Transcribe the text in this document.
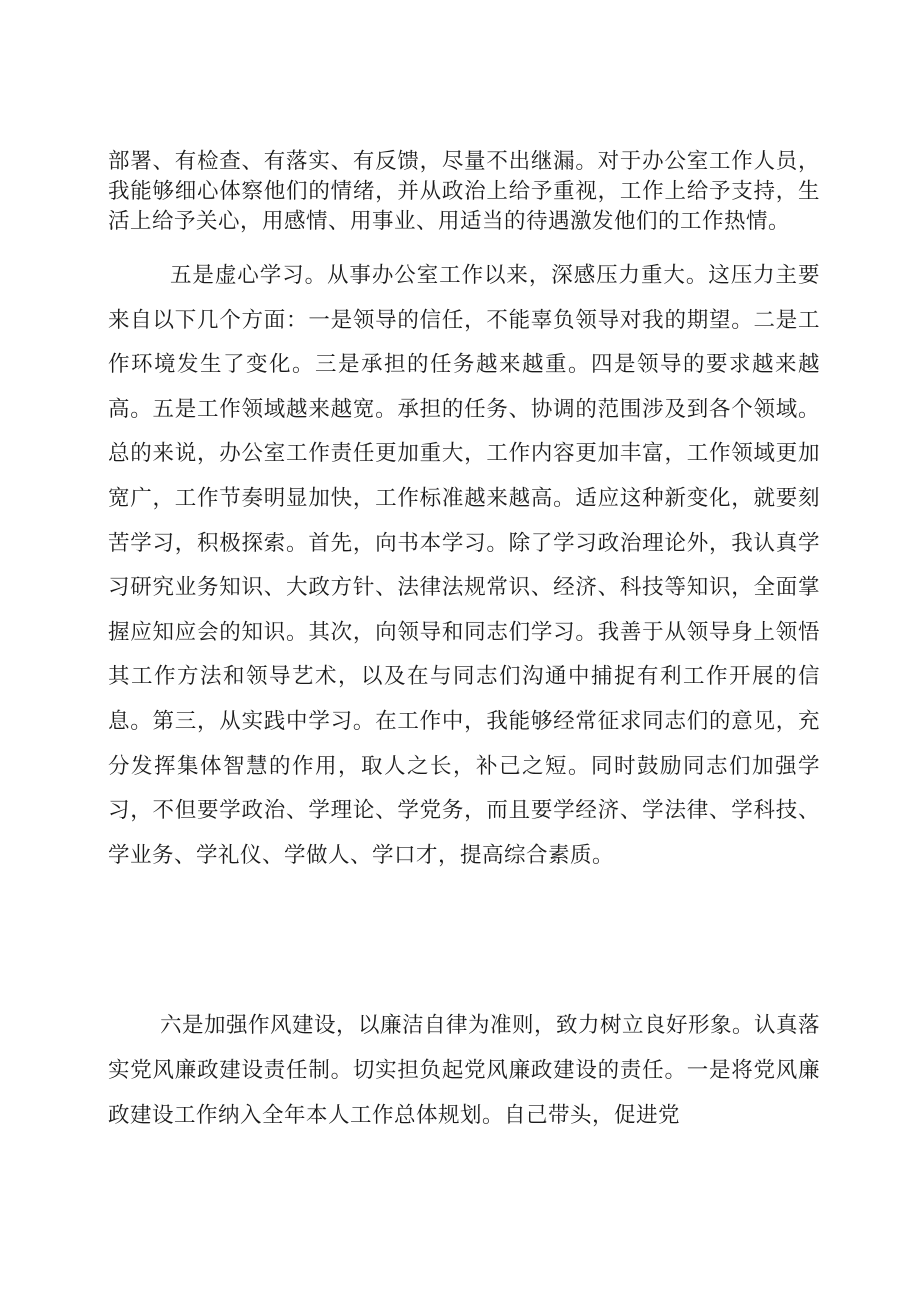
部署、有检查、有落实、有反馈，尽量不出继漏。对于办公室工作人员，我能够细心体察他们的情绪，并从政治上给予重视，工作上给予支持，生活上给予关心，用感情、用事业、用适当的待遇激发他们的工作热情。

五是虚心学习。从事办公室工作以来，深感压力重大。这压力主要来自以下几个方面：一是领导的信任，不能辜负领导对我的期望。二是工作环境发生了变化。三是承担的任务越来越重。四是领导的要求越来越高。五是工作领域越来越宽。承担的任务、协调的范围涉及到各个领域。总的来说，办公室工作责任更加重大，工作内容更加丰富，工作领域更加宽广，工作节奏明显加快，工作标准越来越高。适应这种新变化，就要刻苦学习，积极探索。首先，向书本学习。除了学习政治理论外，我认真学习研究业务知识、大政方针、法律法规常识、经济、科技等知识，全面掌握应知应会的知识。其次，向领导和同志们学习。我善于从领导身上领悟其工作方法和领导艺术，以及在与同志们沟通中捕捉有利工作开展的信息。第三，从实践中学习。在工作中，我能够经常征求同志们的意见，充分发挥集体智慧的作用，取人之长，补己之短。同时鼓励同志们加强学习，不但要学政治、学理论、学党务，而且要学经济、学法律、学科技、学业务、学礼仪、学做人、学口才，提高综合素质。

六是加强作风建设，以廉洁自律为准则，致力树立良好形象。认真落实党风廉政建设责任制。切实担负起党风廉政建设的责任。一是将党风廉政建设工作纳入全年本人工作总体规划。自己带头，促进党
